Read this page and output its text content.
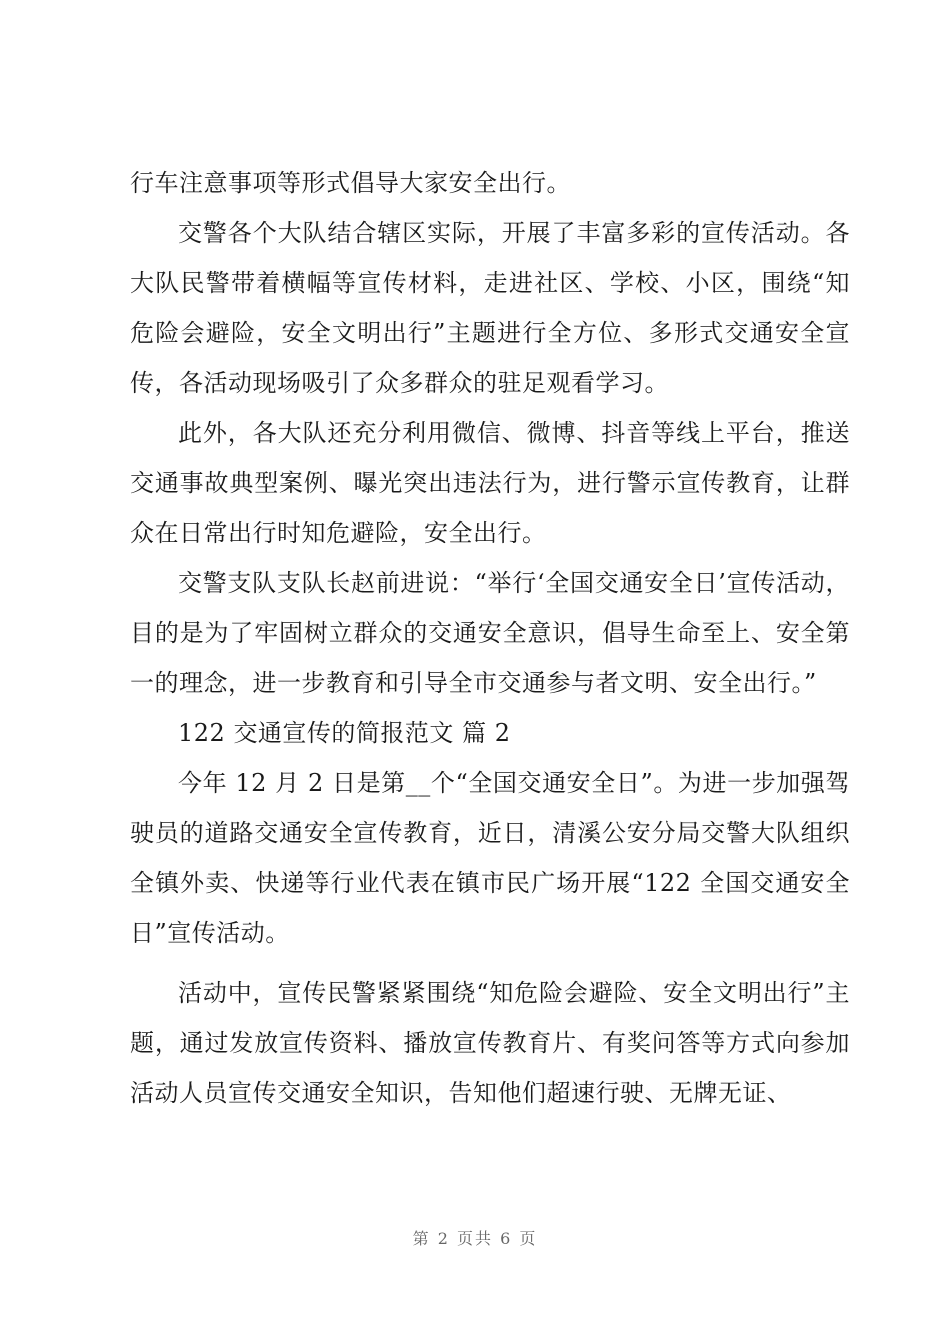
行车注意事项等形式倡导大家安全出行。

交警各个大队结合辖区实际，开展了丰富多彩的宣传活动。各大队民警带着横幅等宣传材料，走进社区、学校、小区，围绕“知危险会避险，安全文明出行”主题进行全方位、多形式交通安全宣传，各活动现场吸引了众多群众的驻足观看学习。

此外，各大队还充分利用微信、微博、抖音等线上平台，推送交通事故典型案例、曝光突出违法行为，进行警示宣传教育，让群众在日常出行时知危避险，安全出行。

交警支队支队长赵前进说：“举行‘全国交通安全日’宣传活动，目的是为了牢固树立群众的交通安全意识，倡导生命至上、安全第一的理念，进一步教育和引导全市交通参与者文明、安全出行。”

122 交通宣传的简报范文 篇 2

今年 12 月 2 日是第__个“全国交通安全日”。为进一步加强驾驶员的道路交通安全宣传教育，近日，清溪公安分局交警大队组织全镇外卖、快递等行业代表在镇市民广场开展“122 全国交通安全日”宣传活动。

活动中，宣传民警紧紧围绕“知危险会避险、安全文明出行”主题，通过发放宣传资料、播放宣传教育片、有奖问答等方式向参加活动人员宣传交通安全知识，告知他们超速行驶、无牌无证、

第 2 页共 6 页
